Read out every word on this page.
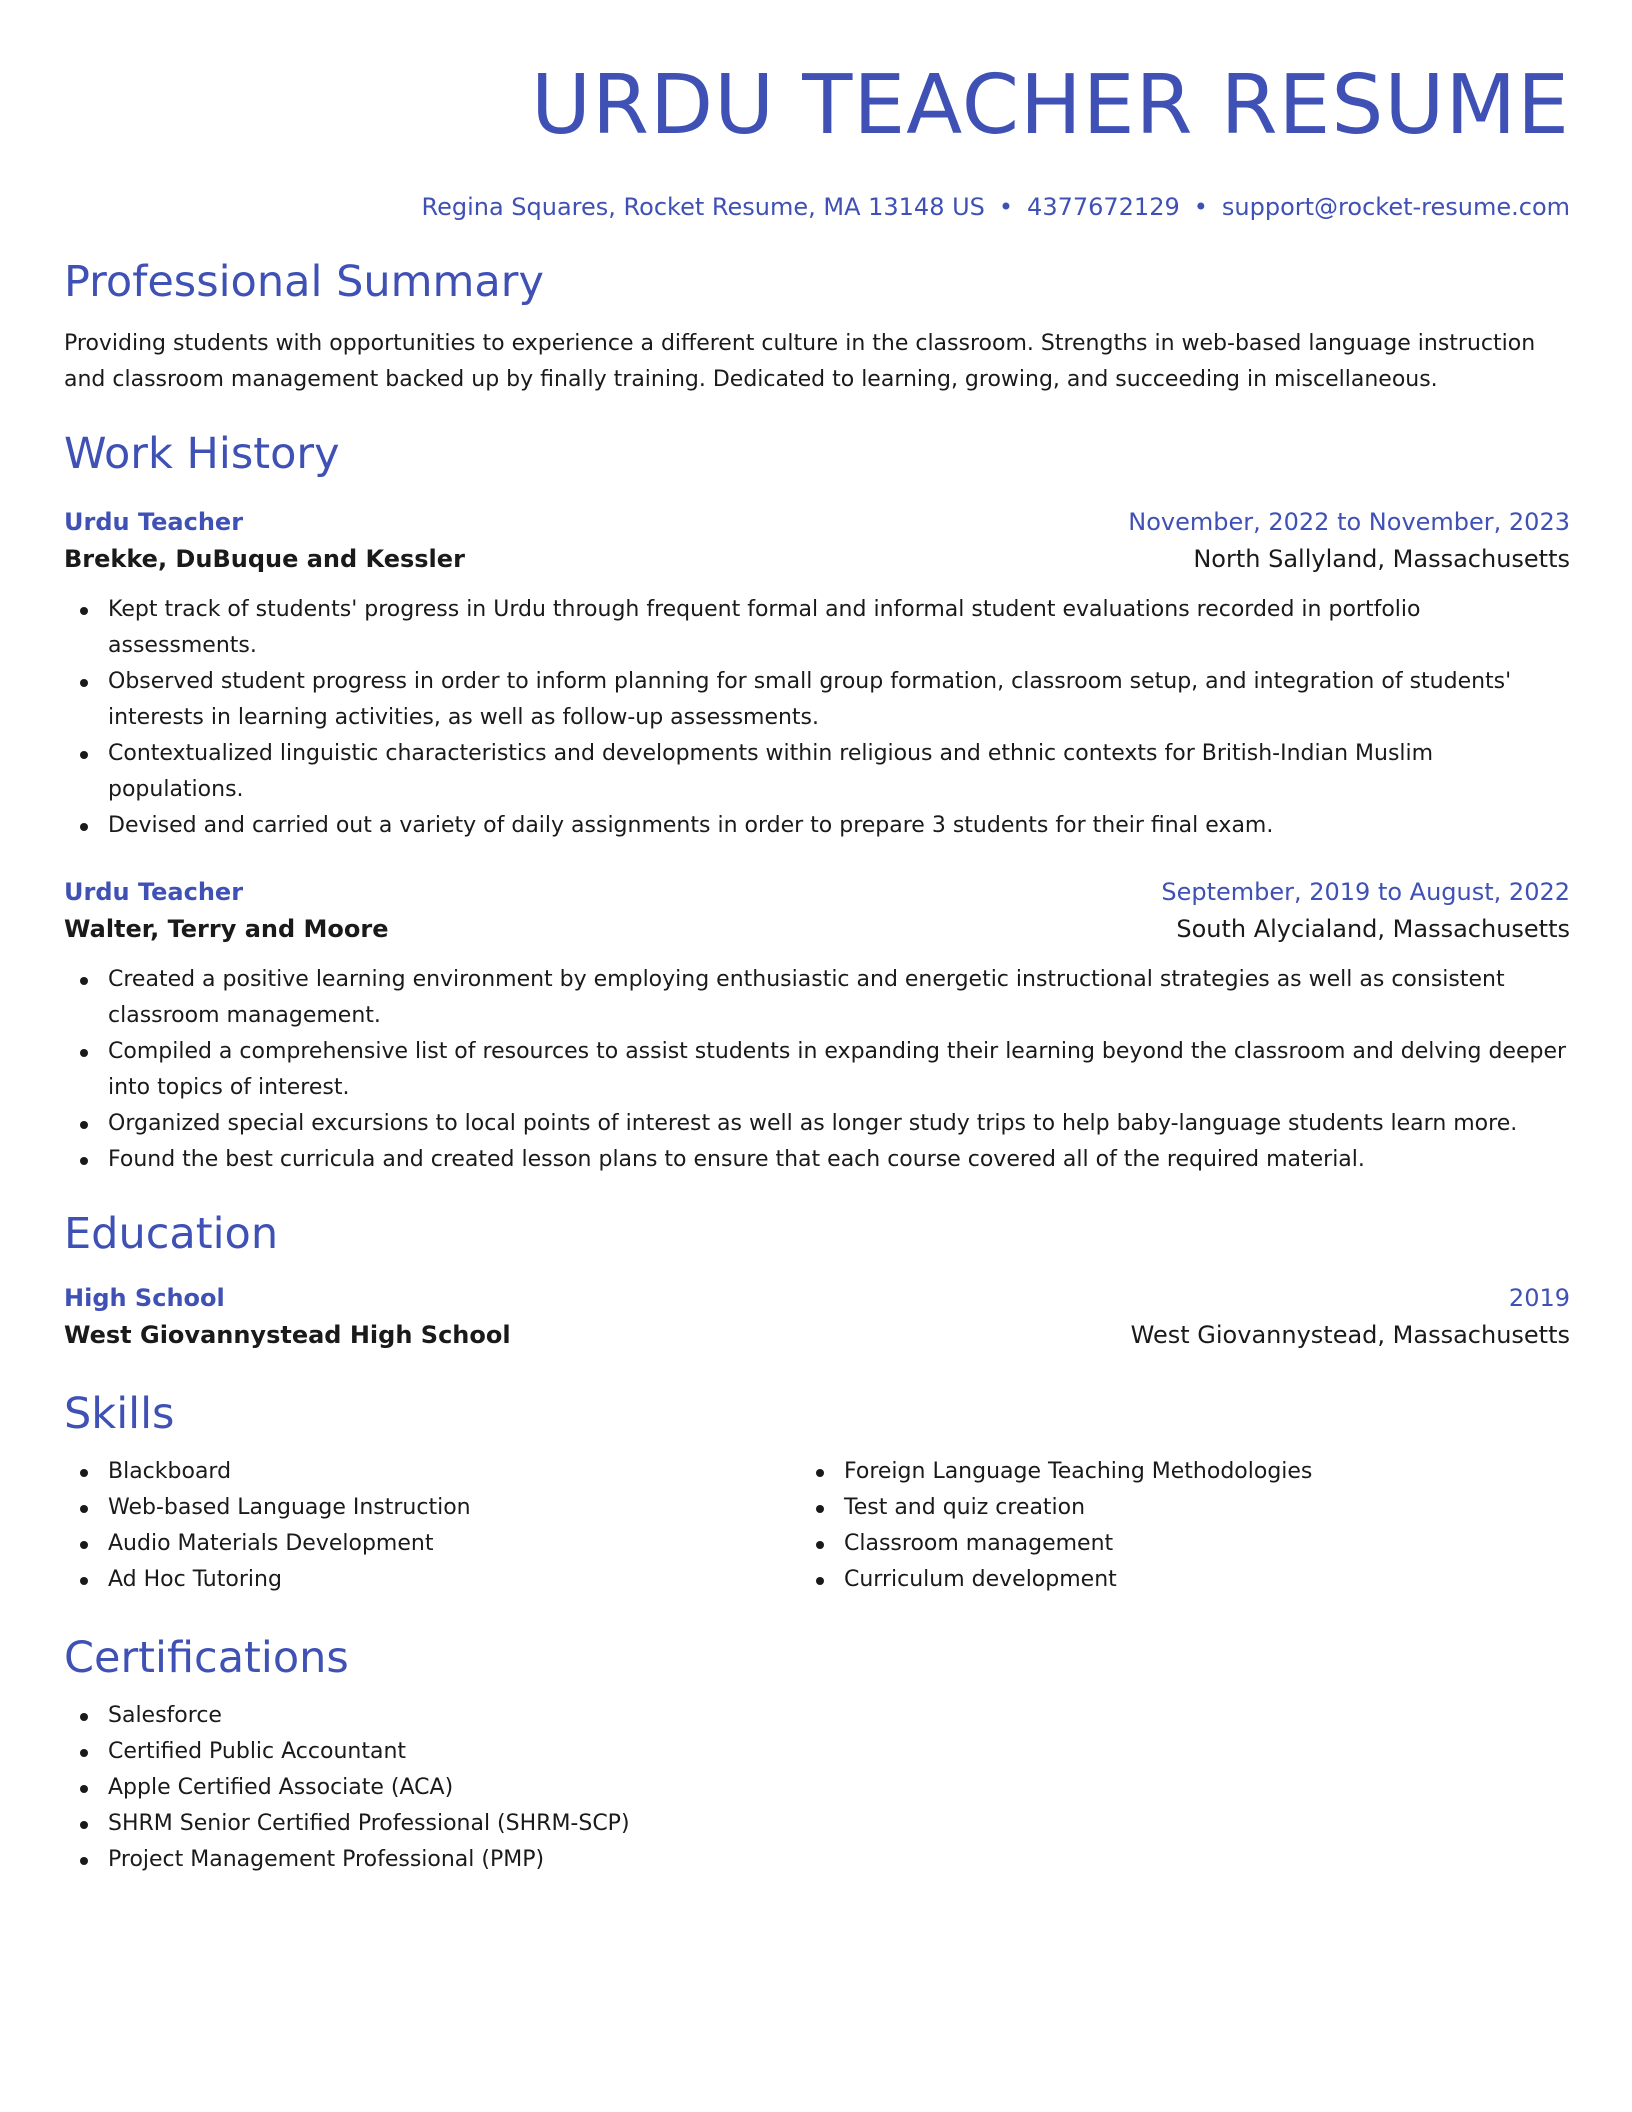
URDU TEACHER RESUME
Regina Squares, Rocket Resume, MA 13148 US • 4377672129 • support@rocket-resume.com
Professional Summary
Providing students with opportunities to experience a different culture in the classroom. Strengths in web-based language instruction and classroom management backed up by finally training. Dedicated to learning, growing, and succeeding in miscellaneous.
Work History
Urdu Teacher	November, 2022 to November, 2023
Brekke, DuBuque and Kessler	North Sallyland, Massachusetts
Kept track of students' progress in Urdu through frequent formal and informal student evaluations recorded in portfolio assessments.
Observed student progress in order to inform planning for small group formation, classroom setup, and integration of students' interests in learning activities, as well as follow-up assessments.
Contextualized linguistic characteristics and developments within religious and ethnic contexts for British-Indian Muslim populations.
Devised and carried out a variety of daily assignments in order to prepare 3 students for their final exam.
Urdu Teacher	September, 2019 to August, 2022
Walter, Terry and Moore	South Alycialand, Massachusetts
Created a positive learning environment by employing enthusiastic and energetic instructional strategies as well as consistent classroom management.
Compiled a comprehensive list of resources to assist students in expanding their learning beyond the classroom and delving deeper into topics of interest.
Organized special excursions to local points of interest as well as longer study trips to help baby-language students learn more.
Found the best curricula and created lesson plans to ensure that each course covered all of the required material.
Education
High School	2019
West Giovannystead High School	West Giovannystead, Massachusetts
Skills
Blackboard
Web-based Language Instruction
Audio Materials Development
Ad Hoc Tutoring
Foreign Language Teaching Methodologies
Test and quiz creation
Classroom management
Curriculum development
Certifications
Salesforce
Certified Public Accountant
Apple Certified Associate (ACA)
SHRM Senior Certified Professional (SHRM-SCP)
Project Management Professional (PMP)
